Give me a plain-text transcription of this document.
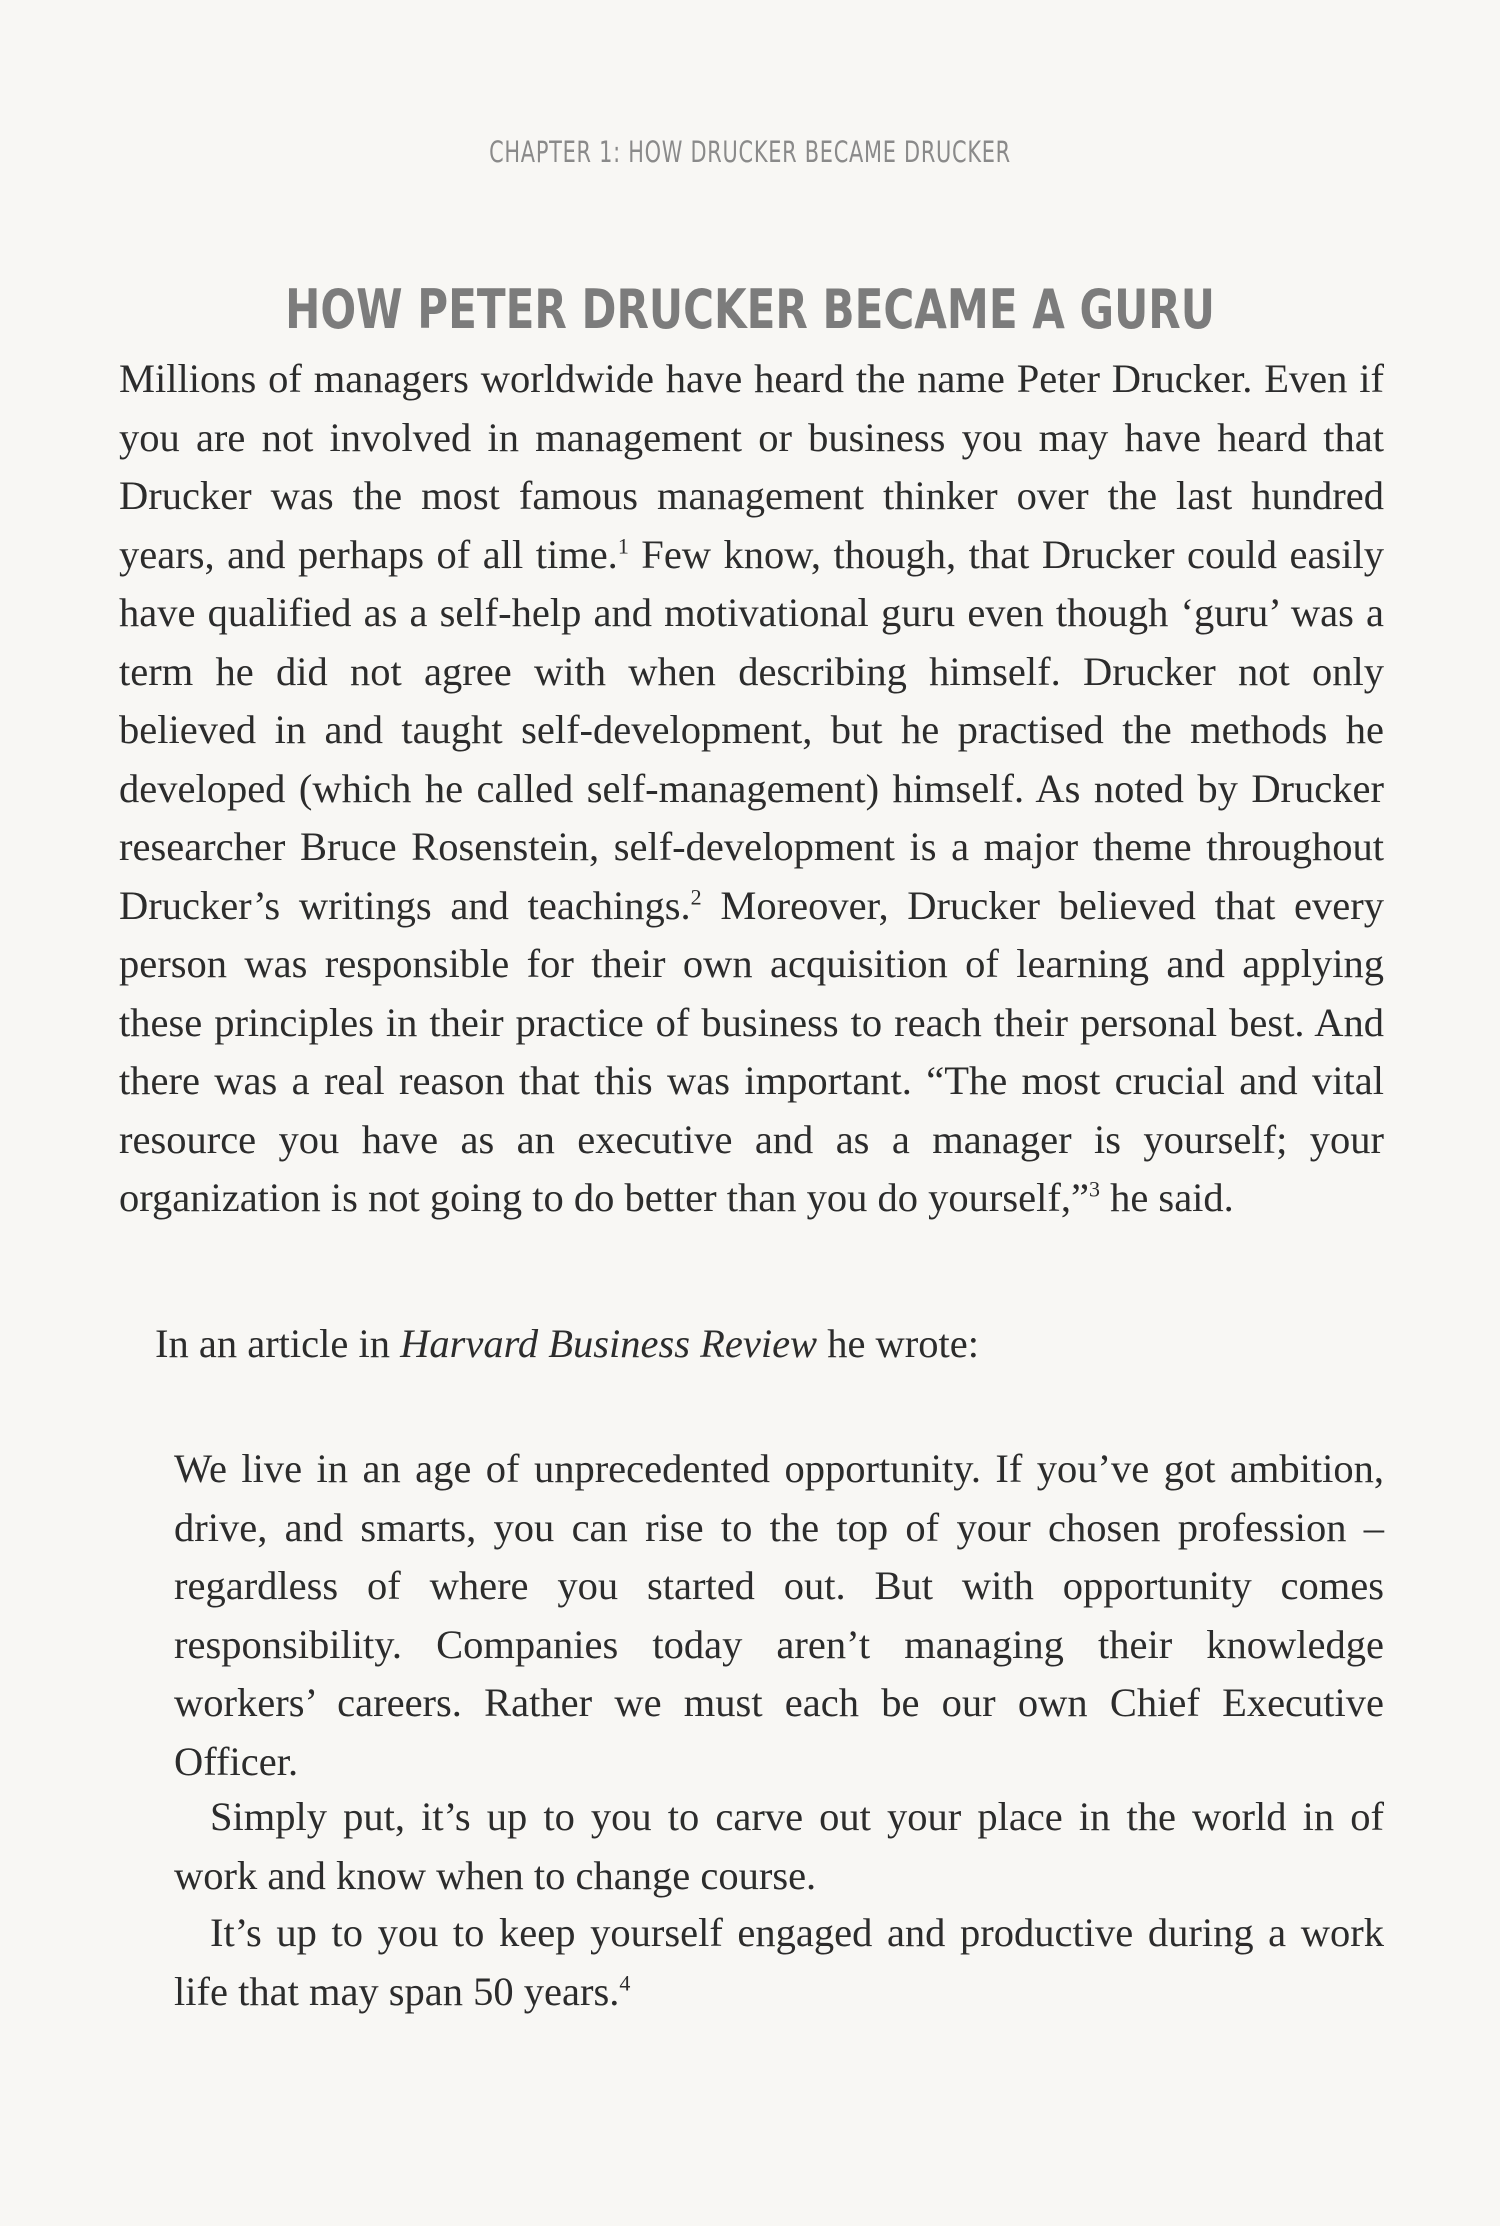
CHAPTER 1: HOW DRUCKER BECAME DRUCKER
HOW PETER DRUCKER BECAME A GURU

Millions of managers worldwide have heard the name Peter Drucker. Even if you are not involved in management or business you may have heard that Drucker was the most famous management thinker over the last hundred years, and perhaps of all time.$^1$ Few know, though, that Drucker could easily have qualified as a self-help and motivational guru even though ‘guru’ was a term he did not agree with when describing himself. Drucker not only believed in and taught self-development, but he practised the methods he developed (which he called self-management) himself. As noted by Drucker researcher Bruce Rosenstein, self-development is a major theme throughout Drucker’s writings and teachings.$^2$ Moreover, Drucker believed that every person was responsible for their own acquisition of learning and applying these principles in their practice of business to reach their personal best. And there was a real reason that this was important. “The most crucial and vital resource you have as an executive and as a manager is yourself; your organization is not going to do better than you do yourself,”$^3$ he said.

In an article in Harvard Business Review he wrote:

We live in an age of unprecedented opportunity. If you’ve got ambition, drive, and smarts, you can rise to the top of your chosen profession – regardless of where you started out. But with opportunity comes responsibility. Companies today aren’t managing their knowledge workers’ careers. Rather we must each be our own Chief Executive Officer.

Simply put, it’s up to you to carve out your place in the world in of work and know when to change course.

It’s up to you to keep yourself engaged and productive during a work life that may span 50 years.$^4$
